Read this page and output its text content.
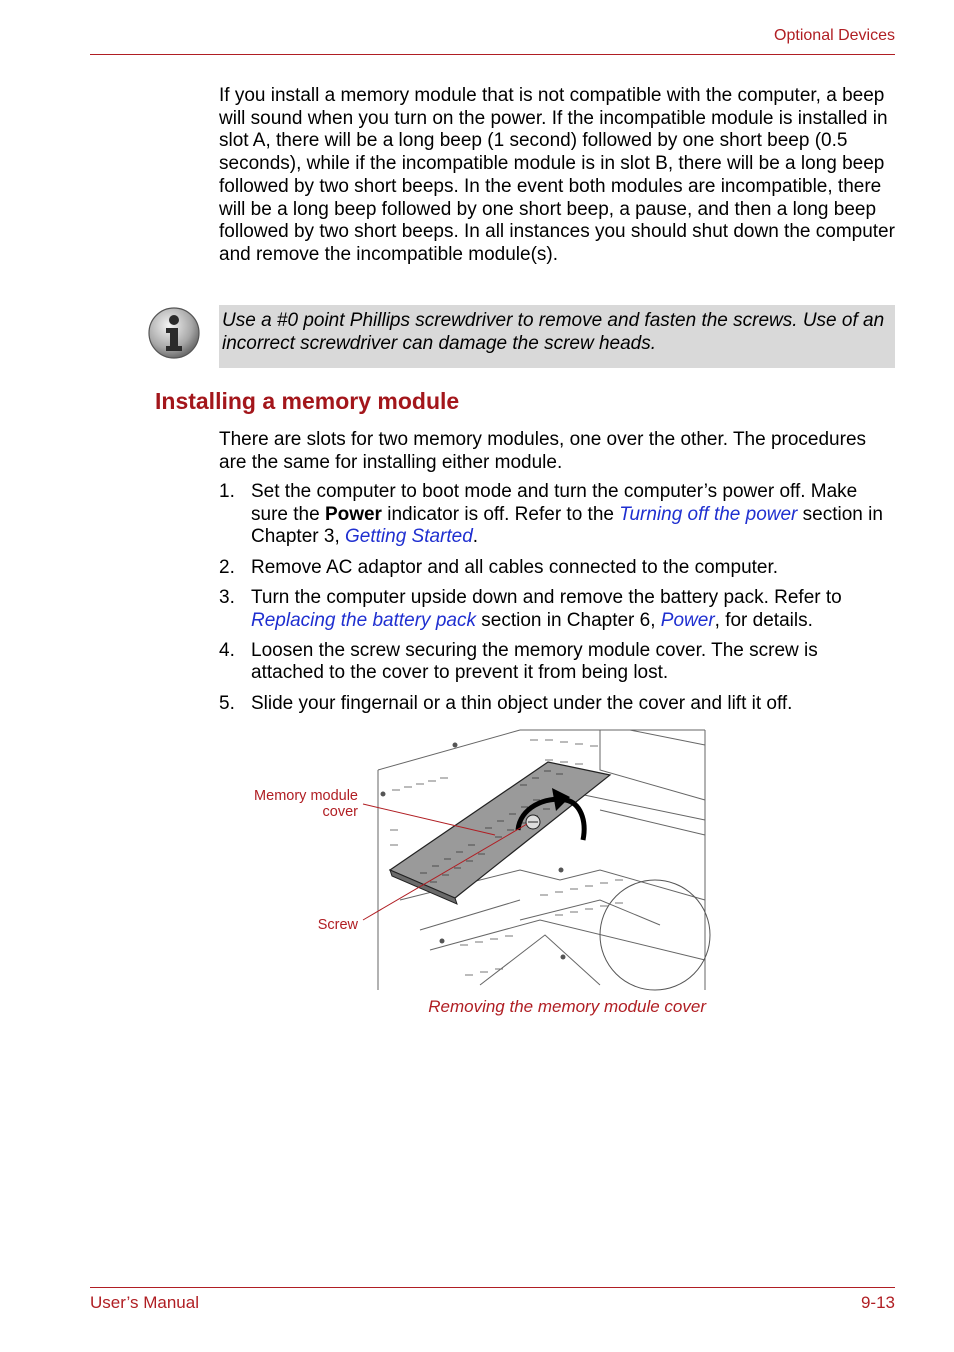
Optional Devices

If you install a memory module that is not compatible with the computer, a beep will sound when you turn on the power. If the incompatible module is installed in slot A, there will be a long beep (1 second) followed by one short beep (0.5 seconds), while if the incompatible module is in slot B, there will be a long beep followed by two short beeps. In the event both modules are incompatible, there will be a long beep followed by one short beep, a pause, and then a long beep followed by two short beeps. In all instances you should shut down the computer and remove the incompatible module(s).

Use a #0 point Phillips screwdriver to remove and fasten the screws. Use of an incorrect screwdriver can damage the screw heads.
Installing a memory module

There are slots for two memory modules, one over the other. The procedures are the same for installing either module.

1. Set the computer to boot mode and turn the computer’s power off. Make sure the Power indicator is off. Refer to the Turning off the power section in Chapter 3, Getting Started.
2. Remove AC adaptor and all cables connected to the computer.
3. Turn the computer upside down and remove the battery pack. Refer to Replacing the battery pack section in Chapter 6, Power, for details.
4. Loosen the screw securing the memory module cover. The screw is attached to the cover to prevent it from being lost.
5. Slide your fingernail or a thin object under the cover and lift it off.
Memory module
cover
Screw
Removing the memory module cover
User’s Manual	9-13
